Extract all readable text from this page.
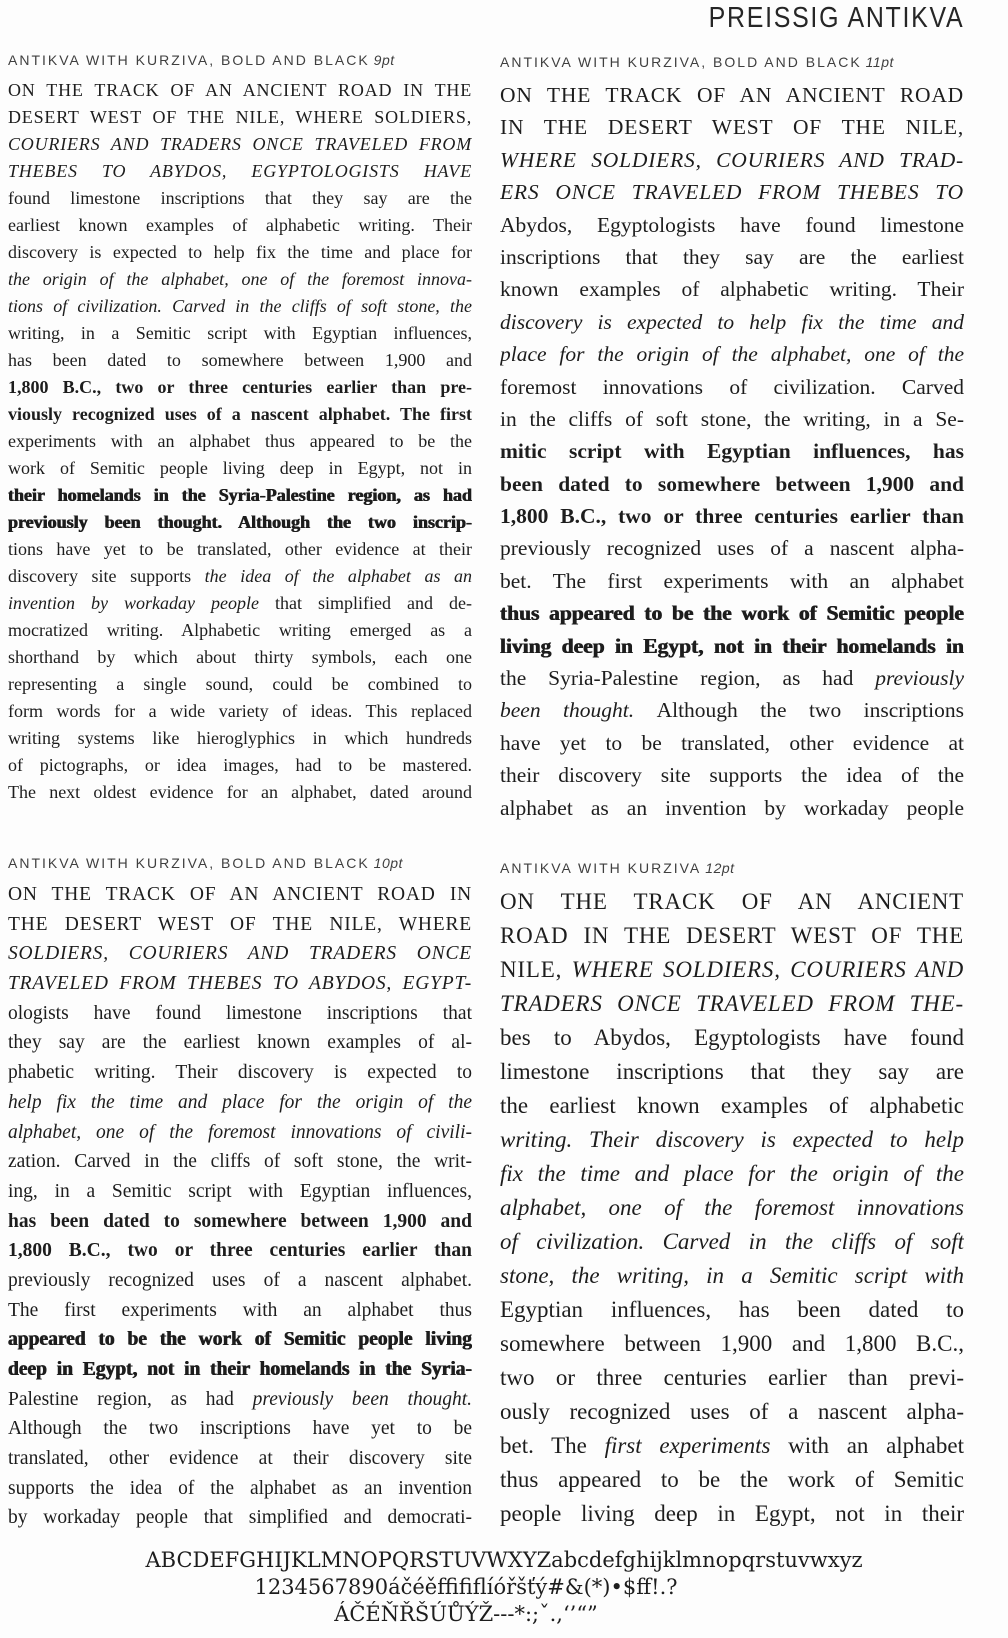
PREISSIG ANTIKVA
ANTIKVA WITH KURZIVA, BOLD AND BLACK 9pt
ON THE TRACK OF AN ANCIENT ROAD IN THE
DESERT WEST OF THE NILE, WHERE SOLDIERS,
COURIERS AND TRADERS ONCE TRAVELED FROM
THEBES TO ABYDOS, EGYPTOLOGISTS HAVE
found limestone inscriptions that they say are the
earliest known examples of alphabetic writing. Their
discovery is expected to help fix the time and place for
the origin of the alphabet, one of the foremost innova-
tions of civilization. Carved in the cliffs of soft stone, the
writing, in a Semitic script with Egyptian influences,
has been dated to somewhere between 1,900 and
1,800 B.C., two or three centuries earlier than pre-
viously recognized uses of a nascent alphabet. The first
experiments with an alphabet thus appeared to be the
work of Semitic people living deep in Egypt, not in
their homelands in the Syria-Palestine region, as had
previously been thought. Although the two inscrip-
tions have yet to be translated, other evidence at their
discovery site supports the idea of the alphabet as an
invention by workaday people that simplified and de-
mocratized writing. Alphabetic writing emerged as a
shorthand by which about thirty symbols, each one
representing a single sound, could be combined to
form words for a wide variety of ideas. This replaced
writing systems like hieroglyphics in which hundreds
of pictographs, or idea images, had to be mastered.
The next oldest evidence for an alphabet, dated around
ANTIKVA WITH KURZIVA, BOLD AND BLACK 10pt
ON THE TRACK OF AN ANCIENT ROAD IN
THE DESERT WEST OF THE NILE, WHERE
SOLDIERS, COURIERS AND TRADERS ONCE
TRAVELED FROM THEBES TO ABYDOS, EGYPT-
ologists have found limestone inscriptions that
they say are the earliest known examples of al-
phabetic writing. Their discovery is expected to
help fix the time and place for the origin of the
alphabet, one of the foremost innovations of civili-
zation. Carved in the cliffs of soft stone, the writ-
ing, in a Semitic script with Egyptian influences,
has been dated to somewhere between 1,900 and
1,800 B.C., two or three centuries earlier than
previously recognized uses of a nascent alphabet.
The first experiments with an alphabet thus
appeared to be the work of Semitic people living
deep in Egypt, not in their homelands in the Syria-
Palestine region, as had previously been thought.
Although the two inscriptions have yet to be
translated, other evidence at their discovery site
supports the idea of the alphabet as an invention
by workaday people that simplified and democrati-
ANTIKVA WITH KURZIVA, BOLD AND BLACK 11pt
ON THE TRACK OF AN ANCIENT ROAD
IN THE DESERT WEST OF THE NILE,
WHERE SOLDIERS, COURIERS AND TRAD-
ERS ONCE TRAVELED FROM THEBES TO
Abydos, Egyptologists have found limestone
inscriptions that they say are the earliest
known examples of alphabetic writing. Their
discovery is expected to help fix the time and
place for the origin of the alphabet, one of the
foremost innovations of civilization. Carved
in the cliffs of soft stone, the writing, in a Se-
mitic script with Egyptian influences, has
been dated to somewhere between 1,900 and
1,800 B.C., two or three centuries earlier than
previously recognized uses of a nascent alpha-
bet. The first experiments with an alphabet
thus appeared to be the work of Semitic people
living deep in Egypt, not in their homelands in
the Syria-Palestine region, as had previously
been thought. Although the two inscriptions
have yet to be translated, other evidence at
their discovery site supports the idea of the
alphabet as an invention by workaday people
ANTIKVA WITH KURZIVA 12pt
ON THE TRACK OF AN ANCIENT
ROAD IN THE DESERT WEST OF THE
NILE, WHERE SOLDIERS, COURIERS AND
TRADERS ONCE TRAVELED FROM THE-
bes to Abydos, Egyptologists have found
limestone inscriptions that they say are
the earliest known examples of alphabetic
writing. Their discovery is expected to help
fix the time and place for the origin of the
alphabet, one of the foremost innovations
of civilization. Carved in the cliffs of soft
stone, the writing, in a Semitic script with
Egyptian influences, has been dated to
somewhere between 1,900 and 1,800 B.C.,
two or three centuries earlier than previ-
ously recognized uses of a nascent alpha-
bet. The first experiments with an alphabet
thus appeared to be the work of Semitic
people living deep in Egypt, not in their
ABCDEFGHIJKLMNOPQRSTUVWXYZabcdefghijklmnopqrstuvwxyz
1234567890áčéěﬃﬁﬂíóřšťý#&(*)•$ﬀ!.?
ÁČÉŇŘŠÚŮÝŽ---*:;ˇ.,‘’“”
